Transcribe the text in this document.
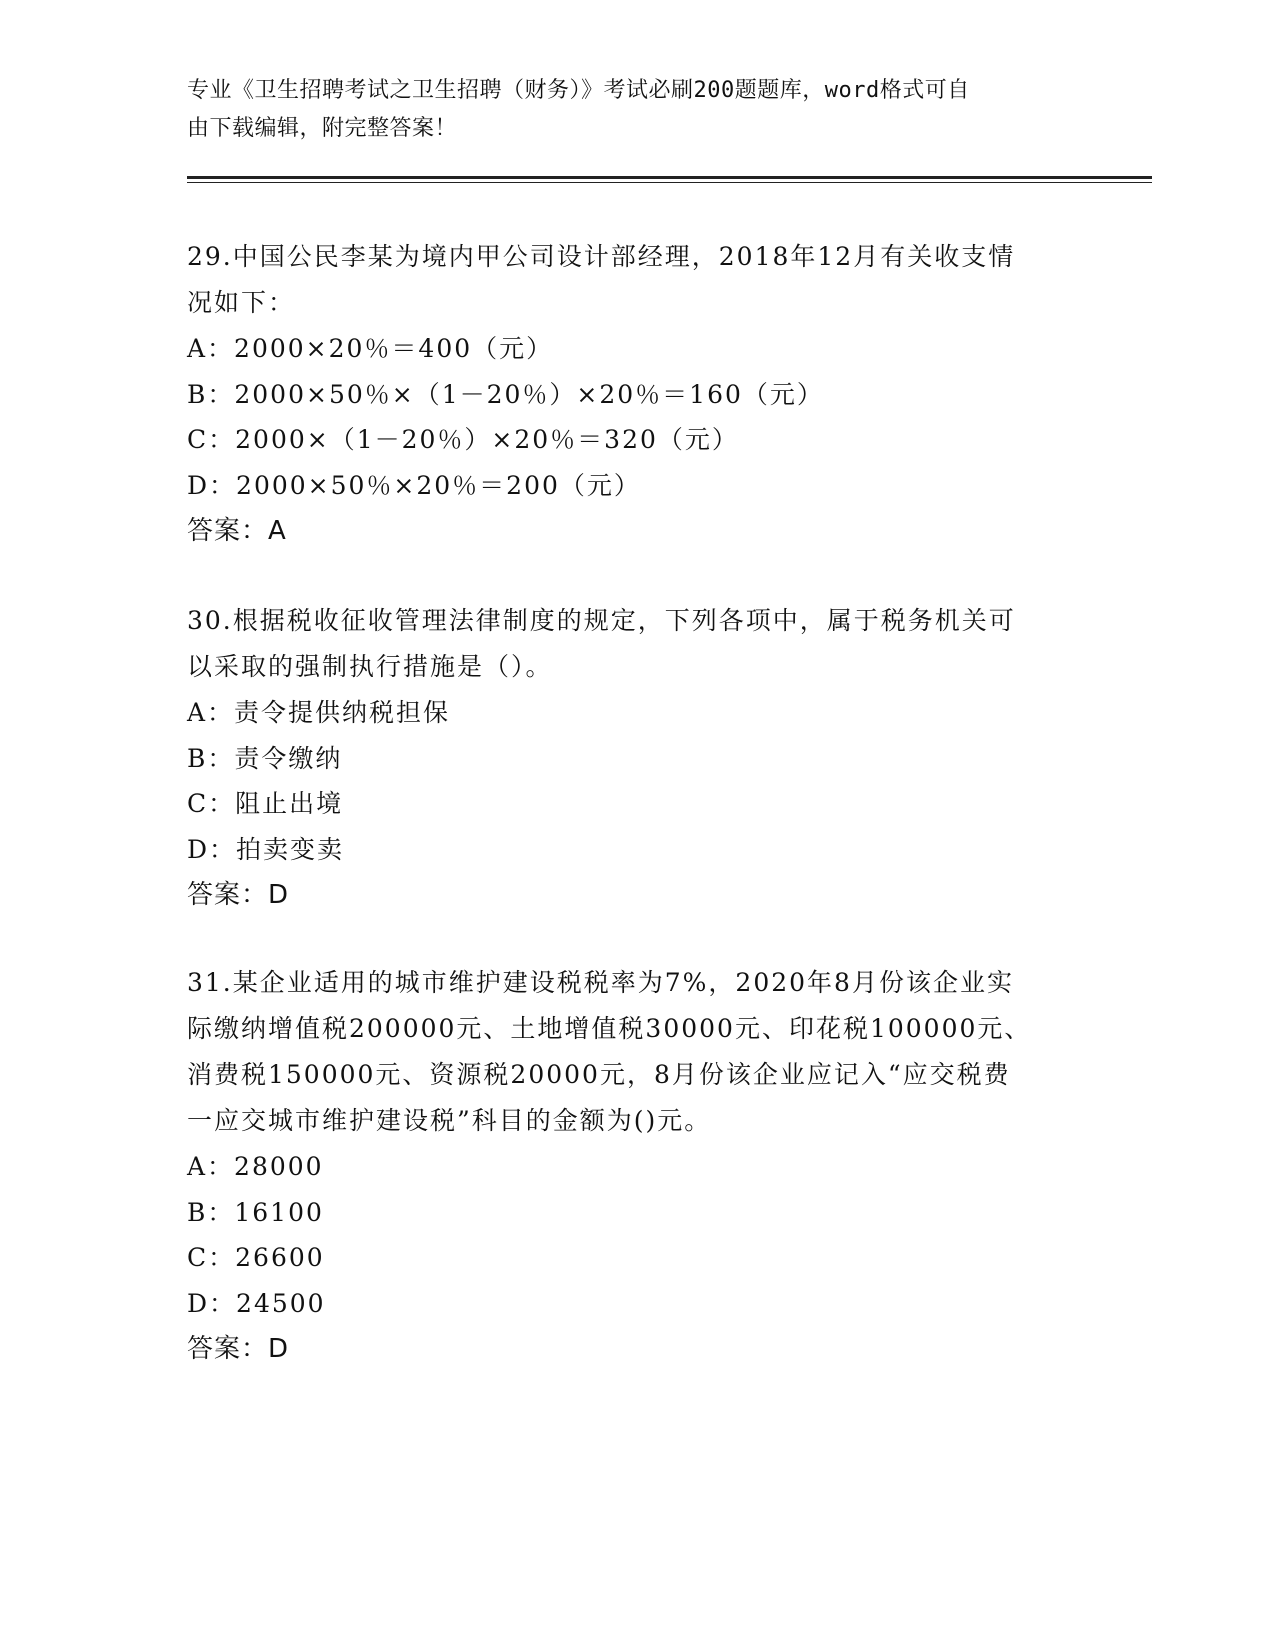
专业《卫生招聘考试之卫生招聘（财务）》考试必刷200题题库，word格式可自
由下载编辑，附完整答案！

29.中国公民李某为境内甲公司设计部经理，2018年12月有关收支情

况如下：

A：2000×20％＝400（元）

B：2000×50％×（1－20％）×20％＝160（元）

C：2000×（1－20％）×20％＝320（元）

D：2000×50％×20％＝200（元）

答案：A

30.根据税收征收管理法律制度的规定，下列各项中，属于税务机关可

以采取的强制执行措施是（）。

A：责令提供纳税担保

B：责令缴纳

C：阻止出境

D：拍卖变卖

答案：D

31.某企业适用的城市维护建设税税率为7%，2020年8月份该企业实

际缴纳增值税200000元、土地增值税30000元、印花税100000元、

消费税150000元、资源税20000元，8月份该企业应记入“应交税费

一应交城市维护建设税”科目的金额为()元。

A：28000

B：16100

C：26600

D：24500

答案：D
